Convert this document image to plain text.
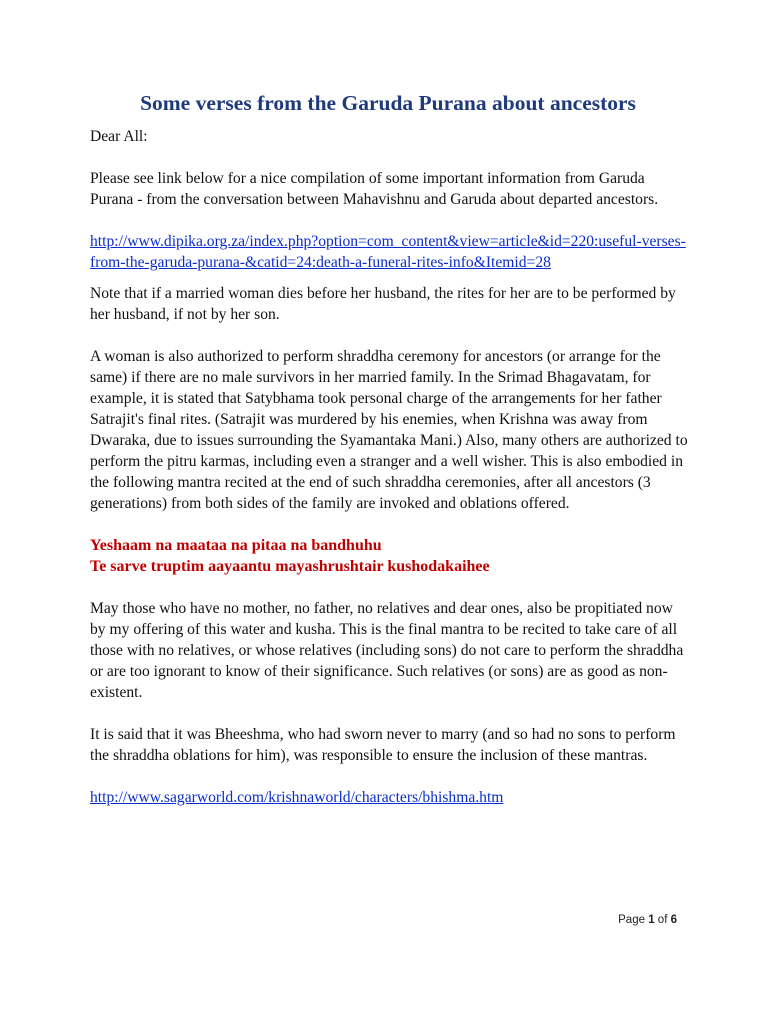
Some verses from the Garuda Purana about ancestors

Dear All:

Please see link below for a nice compilation of some important information from Garuda Purana - from the conversation between Mahavishnu and Garuda about departed ancestors.

http://www.dipika.org.za/index.php?option=com_content&view=article&id=220:useful-verses-from-the-garuda-purana-&catid=24:death-a-funeral-rites-info&Itemid=28

Note that if a married woman dies before her husband, the rites for her are to be performed by her husband, if not by her son.

A woman is also authorized to perform shraddha ceremony for ancestors (or arrange for the same) if there are no male survivors in her married family. In the Srimad Bhagavatam, for example, it is stated that Satybhama took personal charge of the arrangements for her father Satrajit's final rites. (Satrajit was murdered by his enemies, when Krishna was away from Dwaraka, due to issues surrounding the Syamantaka Mani.) Also, many others are authorized to perform the pitru karmas, including even a stranger and a well wisher. This is also embodied in the following mantra recited at the end of such shraddha ceremonies, after all ancestors (3 generations) from both sides of the family are invoked and oblations offered.

Yeshaam na maataa na pitaa na bandhuhu
Te sarve truptim aayaantu mayashrushtair kushodakaihee

May those who have no mother, no father, no relatives and dear ones, also be propitiated now by my offering of this water and kusha. This is the final mantra to be recited to take care of all those with no relatives, or whose relatives (including sons) do not care to perform the shraddha or are too ignorant to know of their significance. Such relatives (or sons) are as good as non-existent.

It is said that it was Bheeshma, who had sworn never to marry (and so had no sons to perform the shraddha oblations for him), was responsible to ensure the inclusion of these mantras.

http://www.sagarworld.com/krishnaworld/characters/bhishma.htm

Page 1 of 6
